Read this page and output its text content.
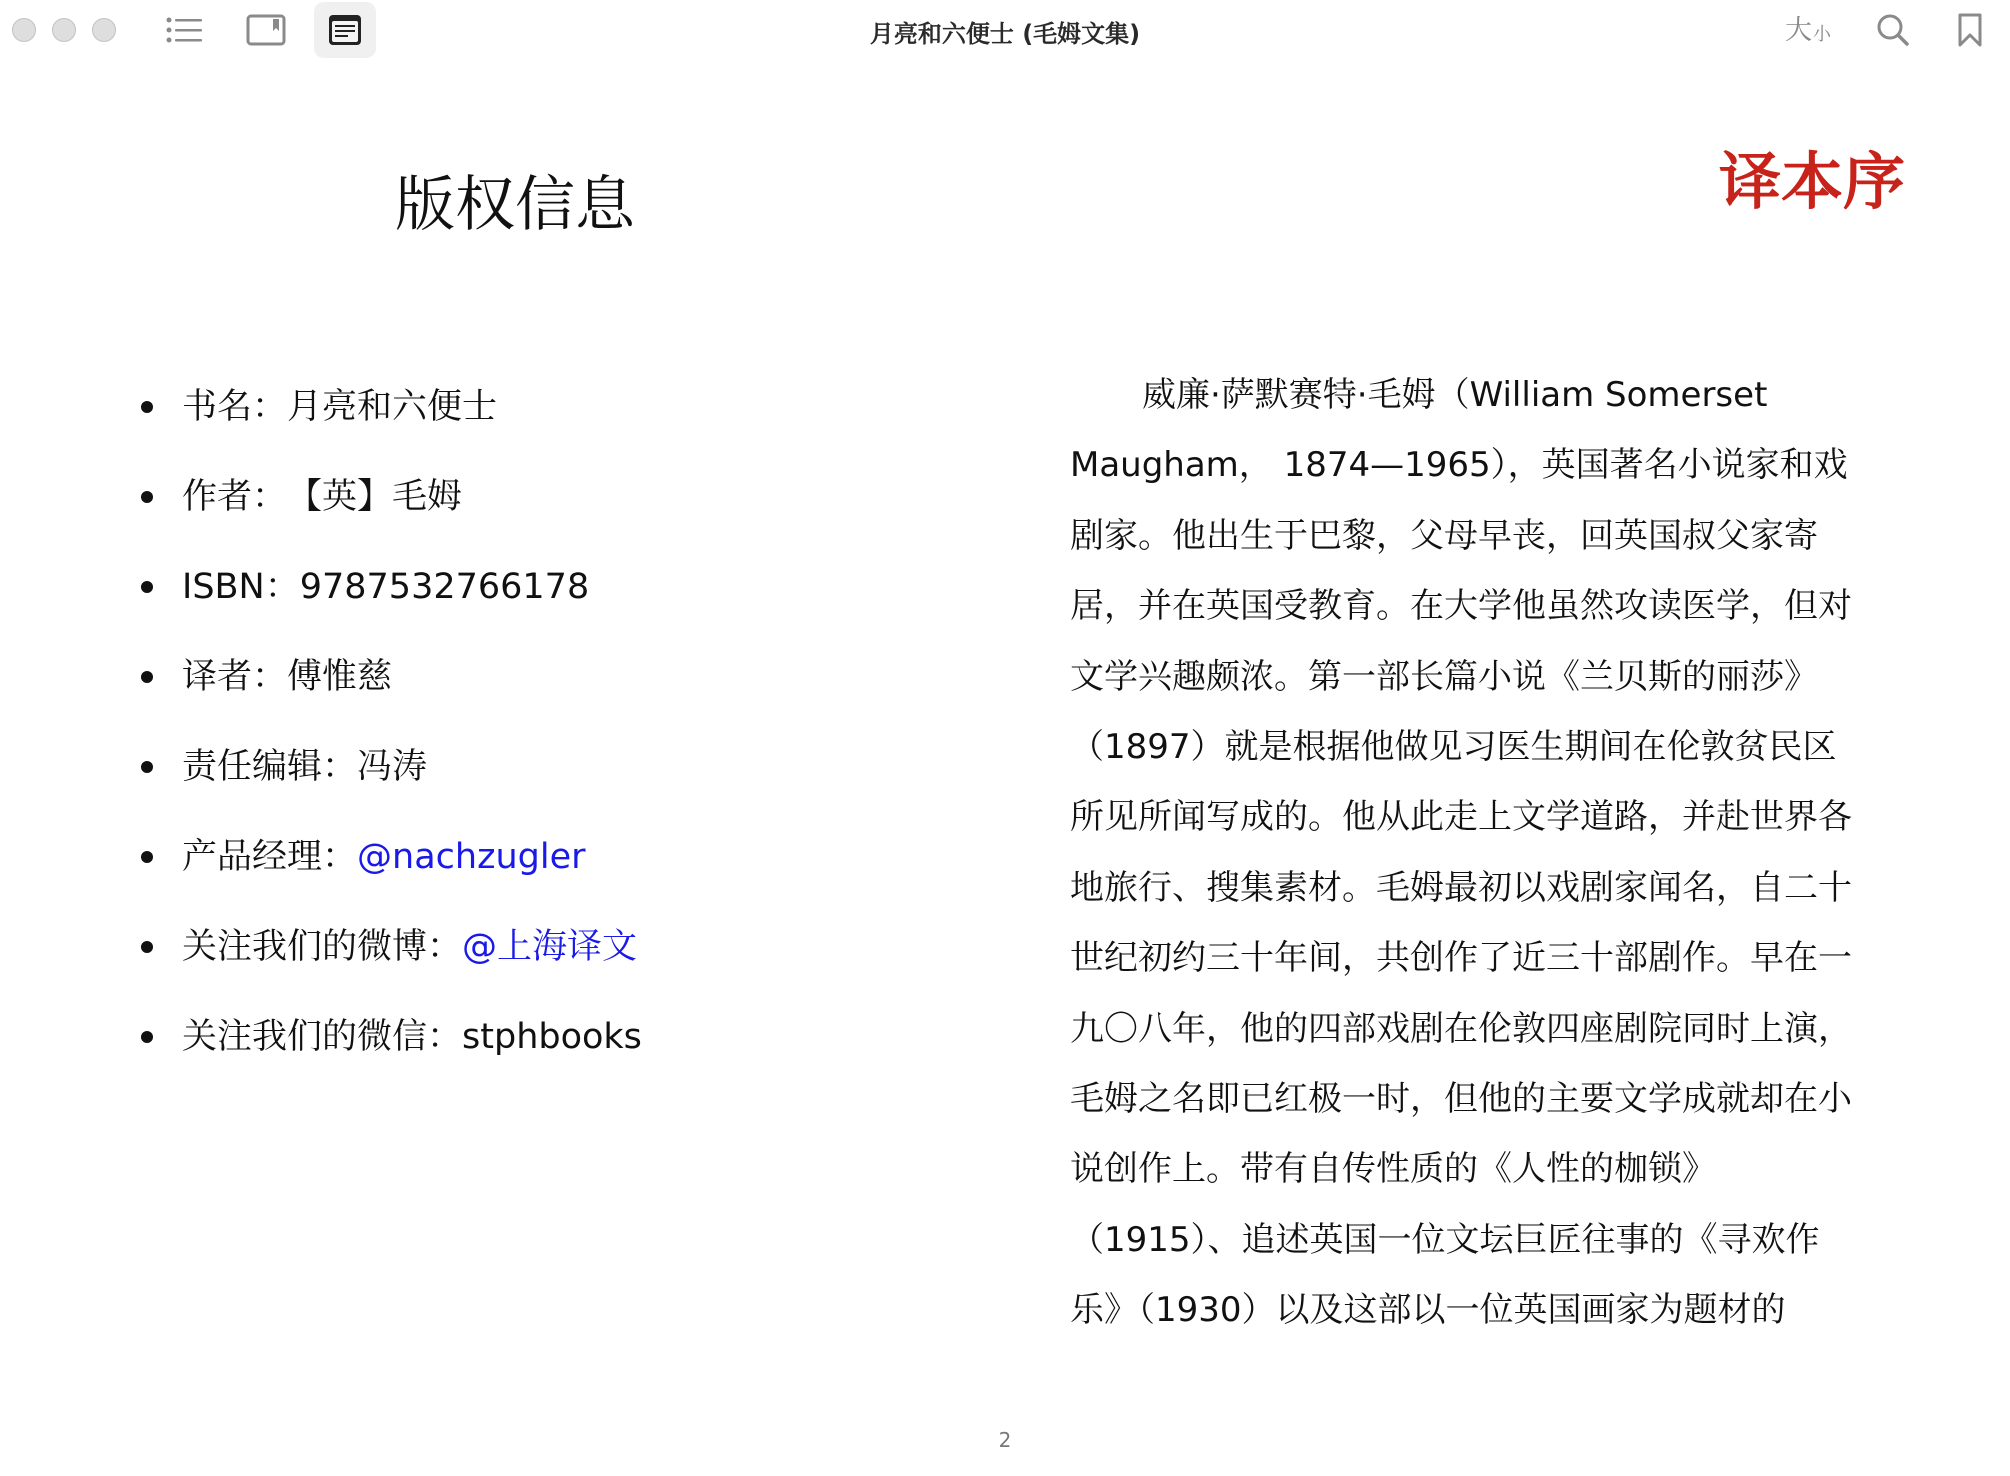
月亮和六便士 (毛姆文集)	大 小
版权信息
书名： 月亮和六便士
作者： 【英】毛姆
ISBN： 9787532766178
译者： 傅惟慈
责任编辑： 冯涛
产品经理： @nachzugler
关注我们的微博： @上海译文
关注我们的微信： stphbooks
译本序
威廉·萨默赛特·毛姆（William Somerset
Maugham， 1874—1965），英国著名小说家和戏
剧家。他出生于巴黎，父母早丧，回英国叔父家寄
居，并在英国受教育。在大学他虽然攻读医学，但对
文学兴趣颇浓。第一部长篇小说《兰贝斯的丽莎》
（1897）就是根据他做见习医生期间在伦敦贫民区
所见所闻写成的。他从此走上文学道路，并赴世界各
地旅行、搜集素材。毛姆最初以戏剧家闻名，自二十
世纪初约三十年间，共创作了近三十部剧作。早在一
九〇八年，他的四部戏剧在伦敦四座剧院同时上演，
毛姆之名即已红极一时，但他的主要文学成就却在小
说创作上。带有自传性质的《人性的枷锁》
（1915）、追述英国一位文坛巨匠往事的《寻欢作
乐》（1930）以及这部以一位英国画家为题材的
2
